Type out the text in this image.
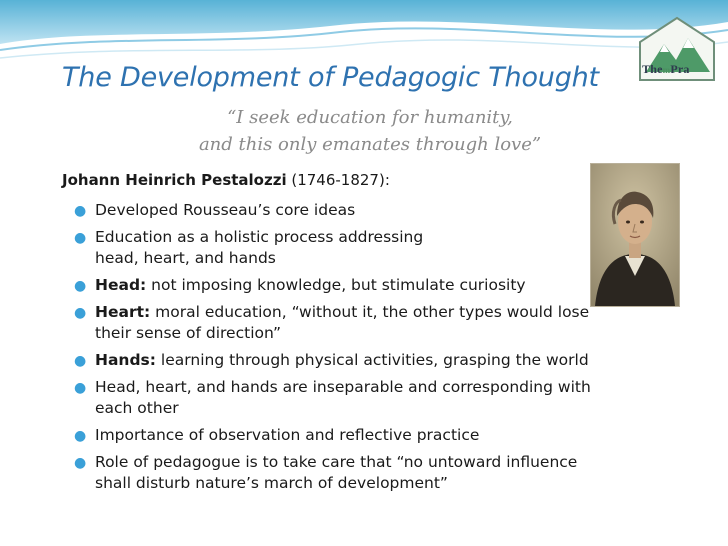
ThemPra
The Development of Pedagogic Thought
“I seek education for humanity,
and this only emanates through love”
Johann Heinrich Pestalozzi (1746-1827):
● Developed Rousseau’s core ideas
● Education as a holistic process addressing
head, heart, and hands
● Head: not imposing knowledge, but stimulate curiosity
● Heart: moral education, “without it, the other types would lose
their sense of direction”
● Hands: learning through physical activities, grasping the world
● Head, heart, and hands are inseparable and corresponding with
each other
● Importance of observation and reflective practice
● Role of pedagogue is to take care that “no untoward influence
shall disturb nature’s march of development”
